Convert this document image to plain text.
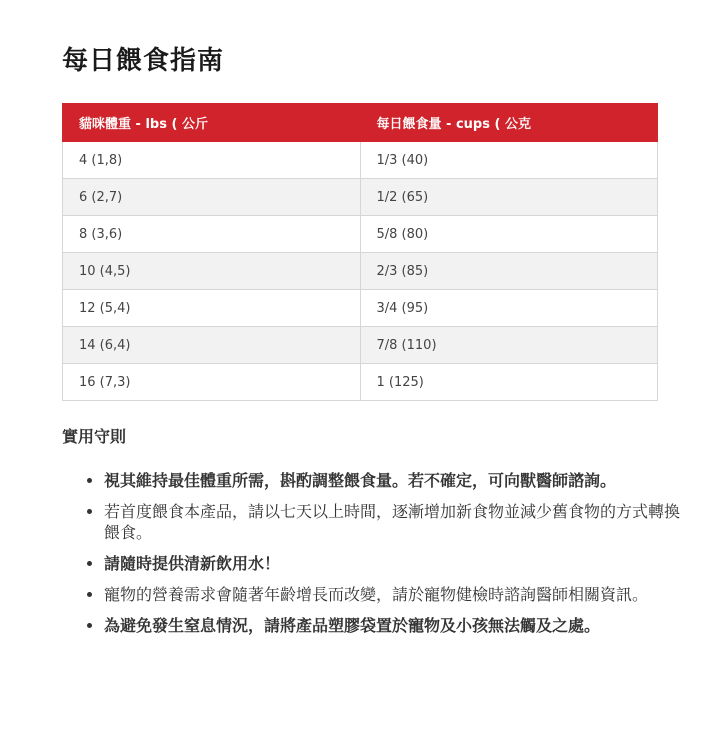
每日餵食指南
貓咪體重 - lbs ( 公斤	每日餵食量 - cups ( 公克
4 (1,8)	1/3 (40)
6 (2,7)	1/2 (65)
8 (3,6)	5/8 (80)
10 (4,5)	2/3 (85)
12 (5,4)	3/4 (95)
14 (6,4)	7/8 (110)
16 (7,3)	1 (125)
實用守則
• 視其維持最佳體重所需，斟酌調整餵食量。若不確定，可向獸醫師諮詢。
• 若首度餵食本產品，請以七天以上時間，逐漸增加新食物並減少舊食物的方式轉換餵食。
• 請隨時提供清新飲用水！
• 寵物的營養需求會隨著年齡增長而改變，請於寵物健檢時諮詢醫師相關資訊。
• 為避免發生窒息情況，請將產品塑膠袋置於寵物及小孩無法觸及之處。
